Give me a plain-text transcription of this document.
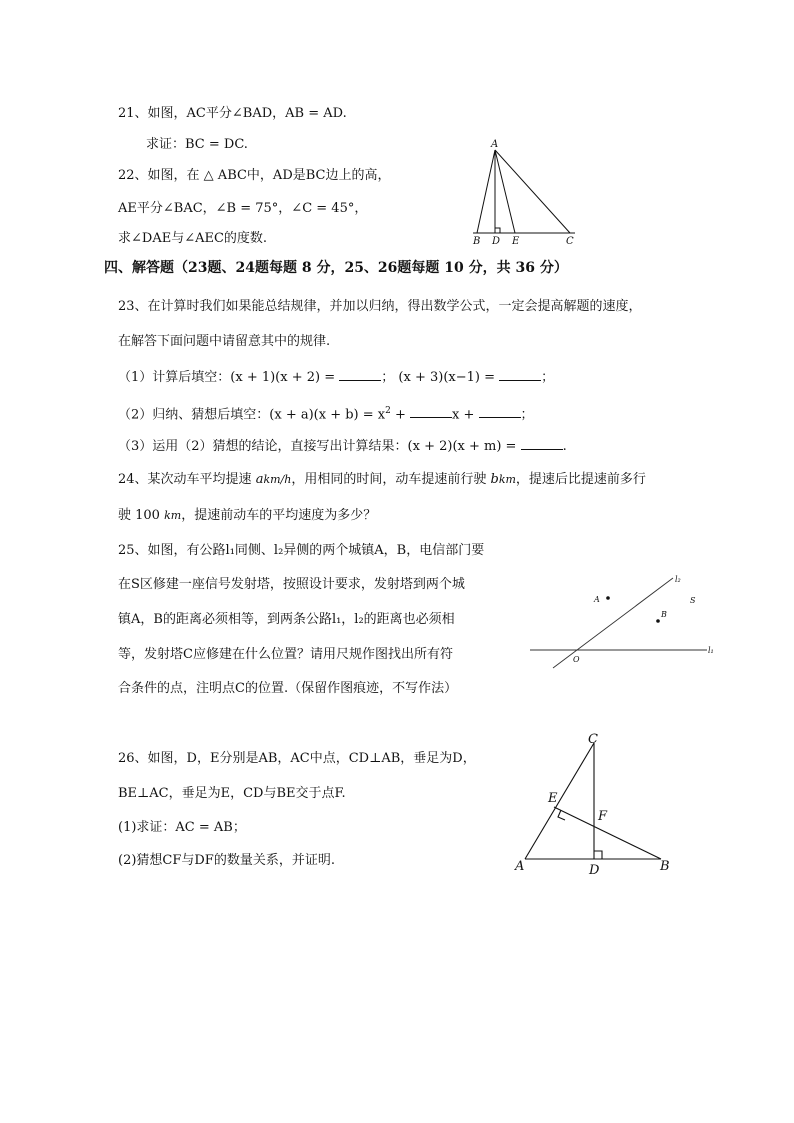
21、如图，AC平分∠BAD，AB = AD.
求证：BC = DC.
22、如图，在 △ ABC中，AD是BC边上的高，
AE平分∠BAC，∠B = 75°，∠C = 45°，
求∠DAE与∠AEC的度数.
A
B D E	C
四、解答题（23题、24题每题 8 分，25、26题每题 10 分，共 36 分）
23、在计算时我们如果能总结规律，并加以归纳，得出数学公式，一定会提高解题的速度，
在解答下面问题中请留意其中的规律.
（1）计算后填空：(x + 1)(x + 2) =	； (x + 3)(x−1) =	；
（2）归纳、猜想后填空：$(x + a)(x + b) = x^2$ +	x +	；
（3）运用（2）猜想的结论，直接写出计算结果：(x + 2)(x + m) =	.
24、某次动车平均提速 akm/h，用相同的时间，动车提速前行驶 bkm，提速后比提速前多行
驶 100 km，提速前动车的平均速度为多少？
25、如图，有公路l₁同侧、l₂异侧的两个城镇A，B，电信部门要
在S区修建一座信号发射塔，按照设计要求，发射塔到两个城
镇A，B的距离必须相等，到两条公路l₁，l₂的距离也必须相
等，发射塔C应修建在什么位置？请用尺规作图找出所有符
合条件的点，注明点C的位置.（保留作图痕迹，不写作法）
A
B
S
O
l₁
l₂
26、如图，D，E分别是AB，AC中点，CD⊥AB，垂足为D，
BE⊥AC，垂足为E，CD与BE交于点F.
(1)求证：AC = AB；
(2)猜想CF与DF的数量关系，并证明.
C
E
F
A	D	B
